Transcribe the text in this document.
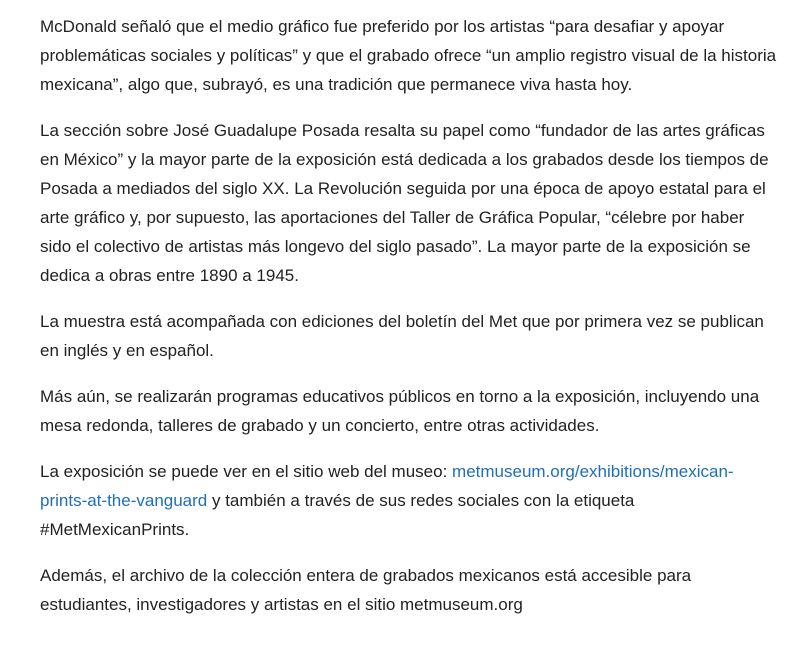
McDonald señaló que el medio gráfico fue preferido por los artistas “para desafiar y apoyar problemáticas sociales y políticas” y que el grabado ofrece “un amplio registro visual de la historia mexicana”, algo que, subrayó, es una tradición que permanece viva hasta hoy.

La sección sobre José Guadalupe Posada resalta su papel como “fundador de las artes gráficas en México” y la mayor parte de la exposición está dedicada a los grabados desde los tiempos de Posada a mediados del siglo XX. La Revolución seguida por una época de apoyo estatal para el arte gráfico y, por supuesto, las aportaciones del Taller de Gráfica Popular, “célebre por haber sido el colectivo de artistas más longevo del siglo pasado”. La mayor parte de la exposición se dedica a obras entre 1890 a 1945.

La muestra está acompañada con ediciones del boletín del Met que por primera vez se publican en inglés y en español.

Más aún, se realizarán programas educativos públicos en torno a la exposición, incluyendo una mesa redonda, talleres de grabado y un concierto, entre otras actividades.

La exposición se puede ver en el sitio web del museo: metmuseum.org/exhibitions/mexican-prints-at-the-vanguard y también a través de sus redes sociales con la etiqueta #MetMexicanPrints.

Además, el archivo de la colección entera de grabados mexicanos está accesible para estudiantes, investigadores y artistas en el sitio metmuseum.org
